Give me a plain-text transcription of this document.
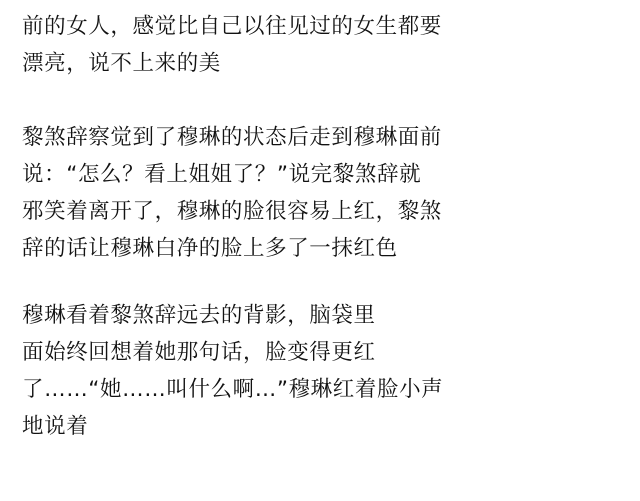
前的女人，感觉比自己以往见过的女生都要
漂亮，说不上来的美
黎煞辞察觉到了穆琳的状态后走到穆琳面前
说：“怎么？看上姐姐了？”说完黎煞辞就
邪笑着离开了，穆琳的脸很容易上红，黎煞
辞的话让穆琳白净的脸上多了一抹红色
穆琳看着黎煞辞远去的背影，脑袋里
面始终回想着她那句话，脸变得更红
了……“她……叫什么啊…”穆琳红着脸小声
地说着
